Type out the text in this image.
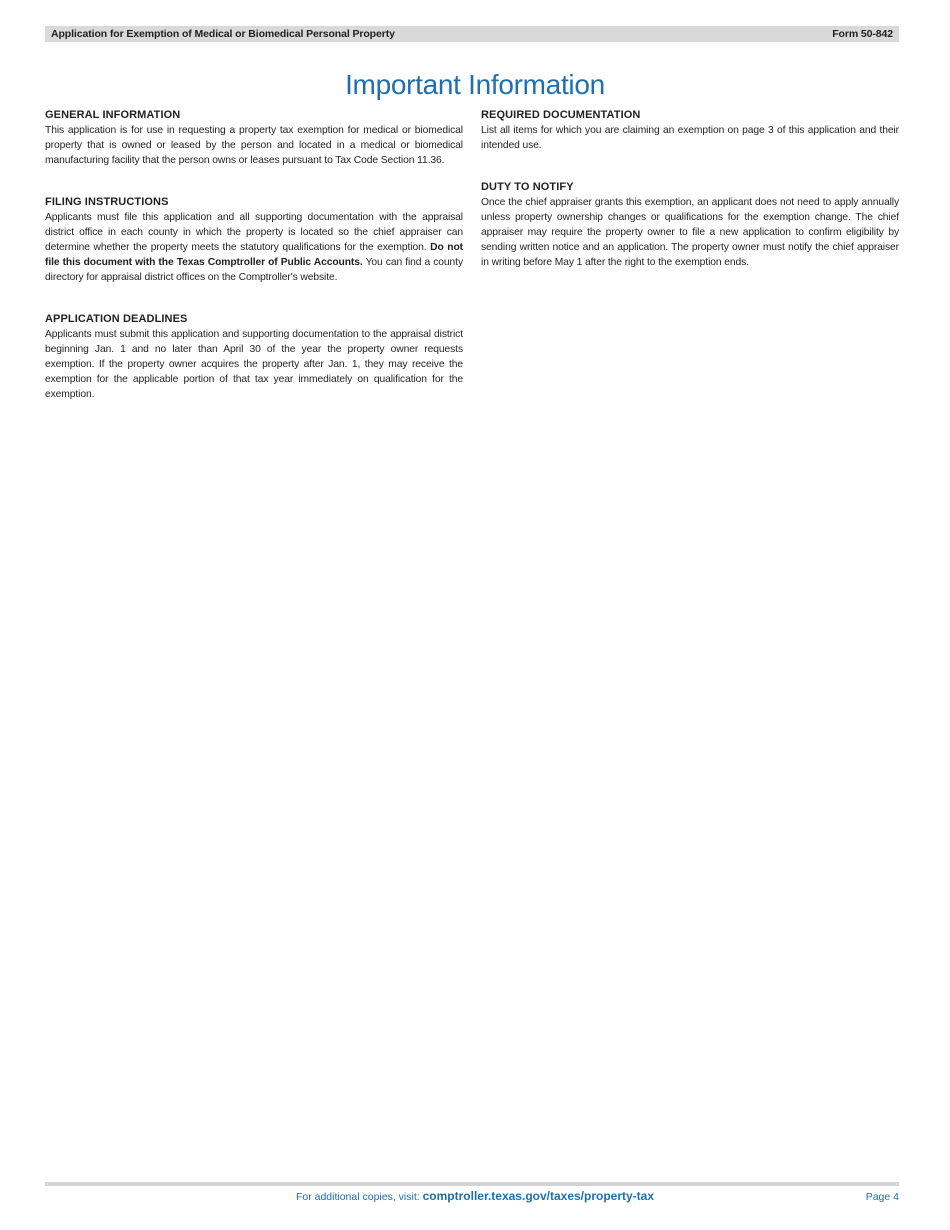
Application for Exemption of Medical or Biomedical Personal Property	Form 50-842
Important Information
GENERAL INFORMATION

This application is for use in requesting a property tax exemption for medical or biomedical property that is owned or leased by the person and located in a medical or biomedical manufacturing facility that the person owns or leases pursuant to Tax Code Section 11.36.

FILING INSTRUCTIONS

Applicants must file this application and all supporting documentation with the appraisal district office in each county in which the property is located so the chief appraiser can determine whether the property meets the statutory qualifications for the exemption. Do not file this document with the Texas Comptroller of Public Accounts. You can find a county directory for appraisal district offices on the Comptroller's website.

APPLICATION DEADLINES

Applicants must submit this application and supporting documentation to the appraisal district beginning Jan. 1 and no later than April 30 of the year the property owner requests exemption. If the property owner acquires the property after Jan. 1, they may receive the exemption for the applicable portion of that tax year immediately on qualification for the exemption.

REQUIRED DOCUMENTATION

List all items for which you are claiming an exemption on page 3 of this application and their intended use.

DUTY TO NOTIFY

Once the chief appraiser grants this exemption, an applicant does not need to apply annually unless property ownership changes or qualifications for the exemption change. The chief appraiser may require the property owner to file a new application to confirm eligibility by sending written notice and an application. The property owner must notify the chief appraiser in writing before May 1 after the right to the exemption ends.

For additional copies, visit: comptroller.texas.gov/taxes/property-tax	Page 4
